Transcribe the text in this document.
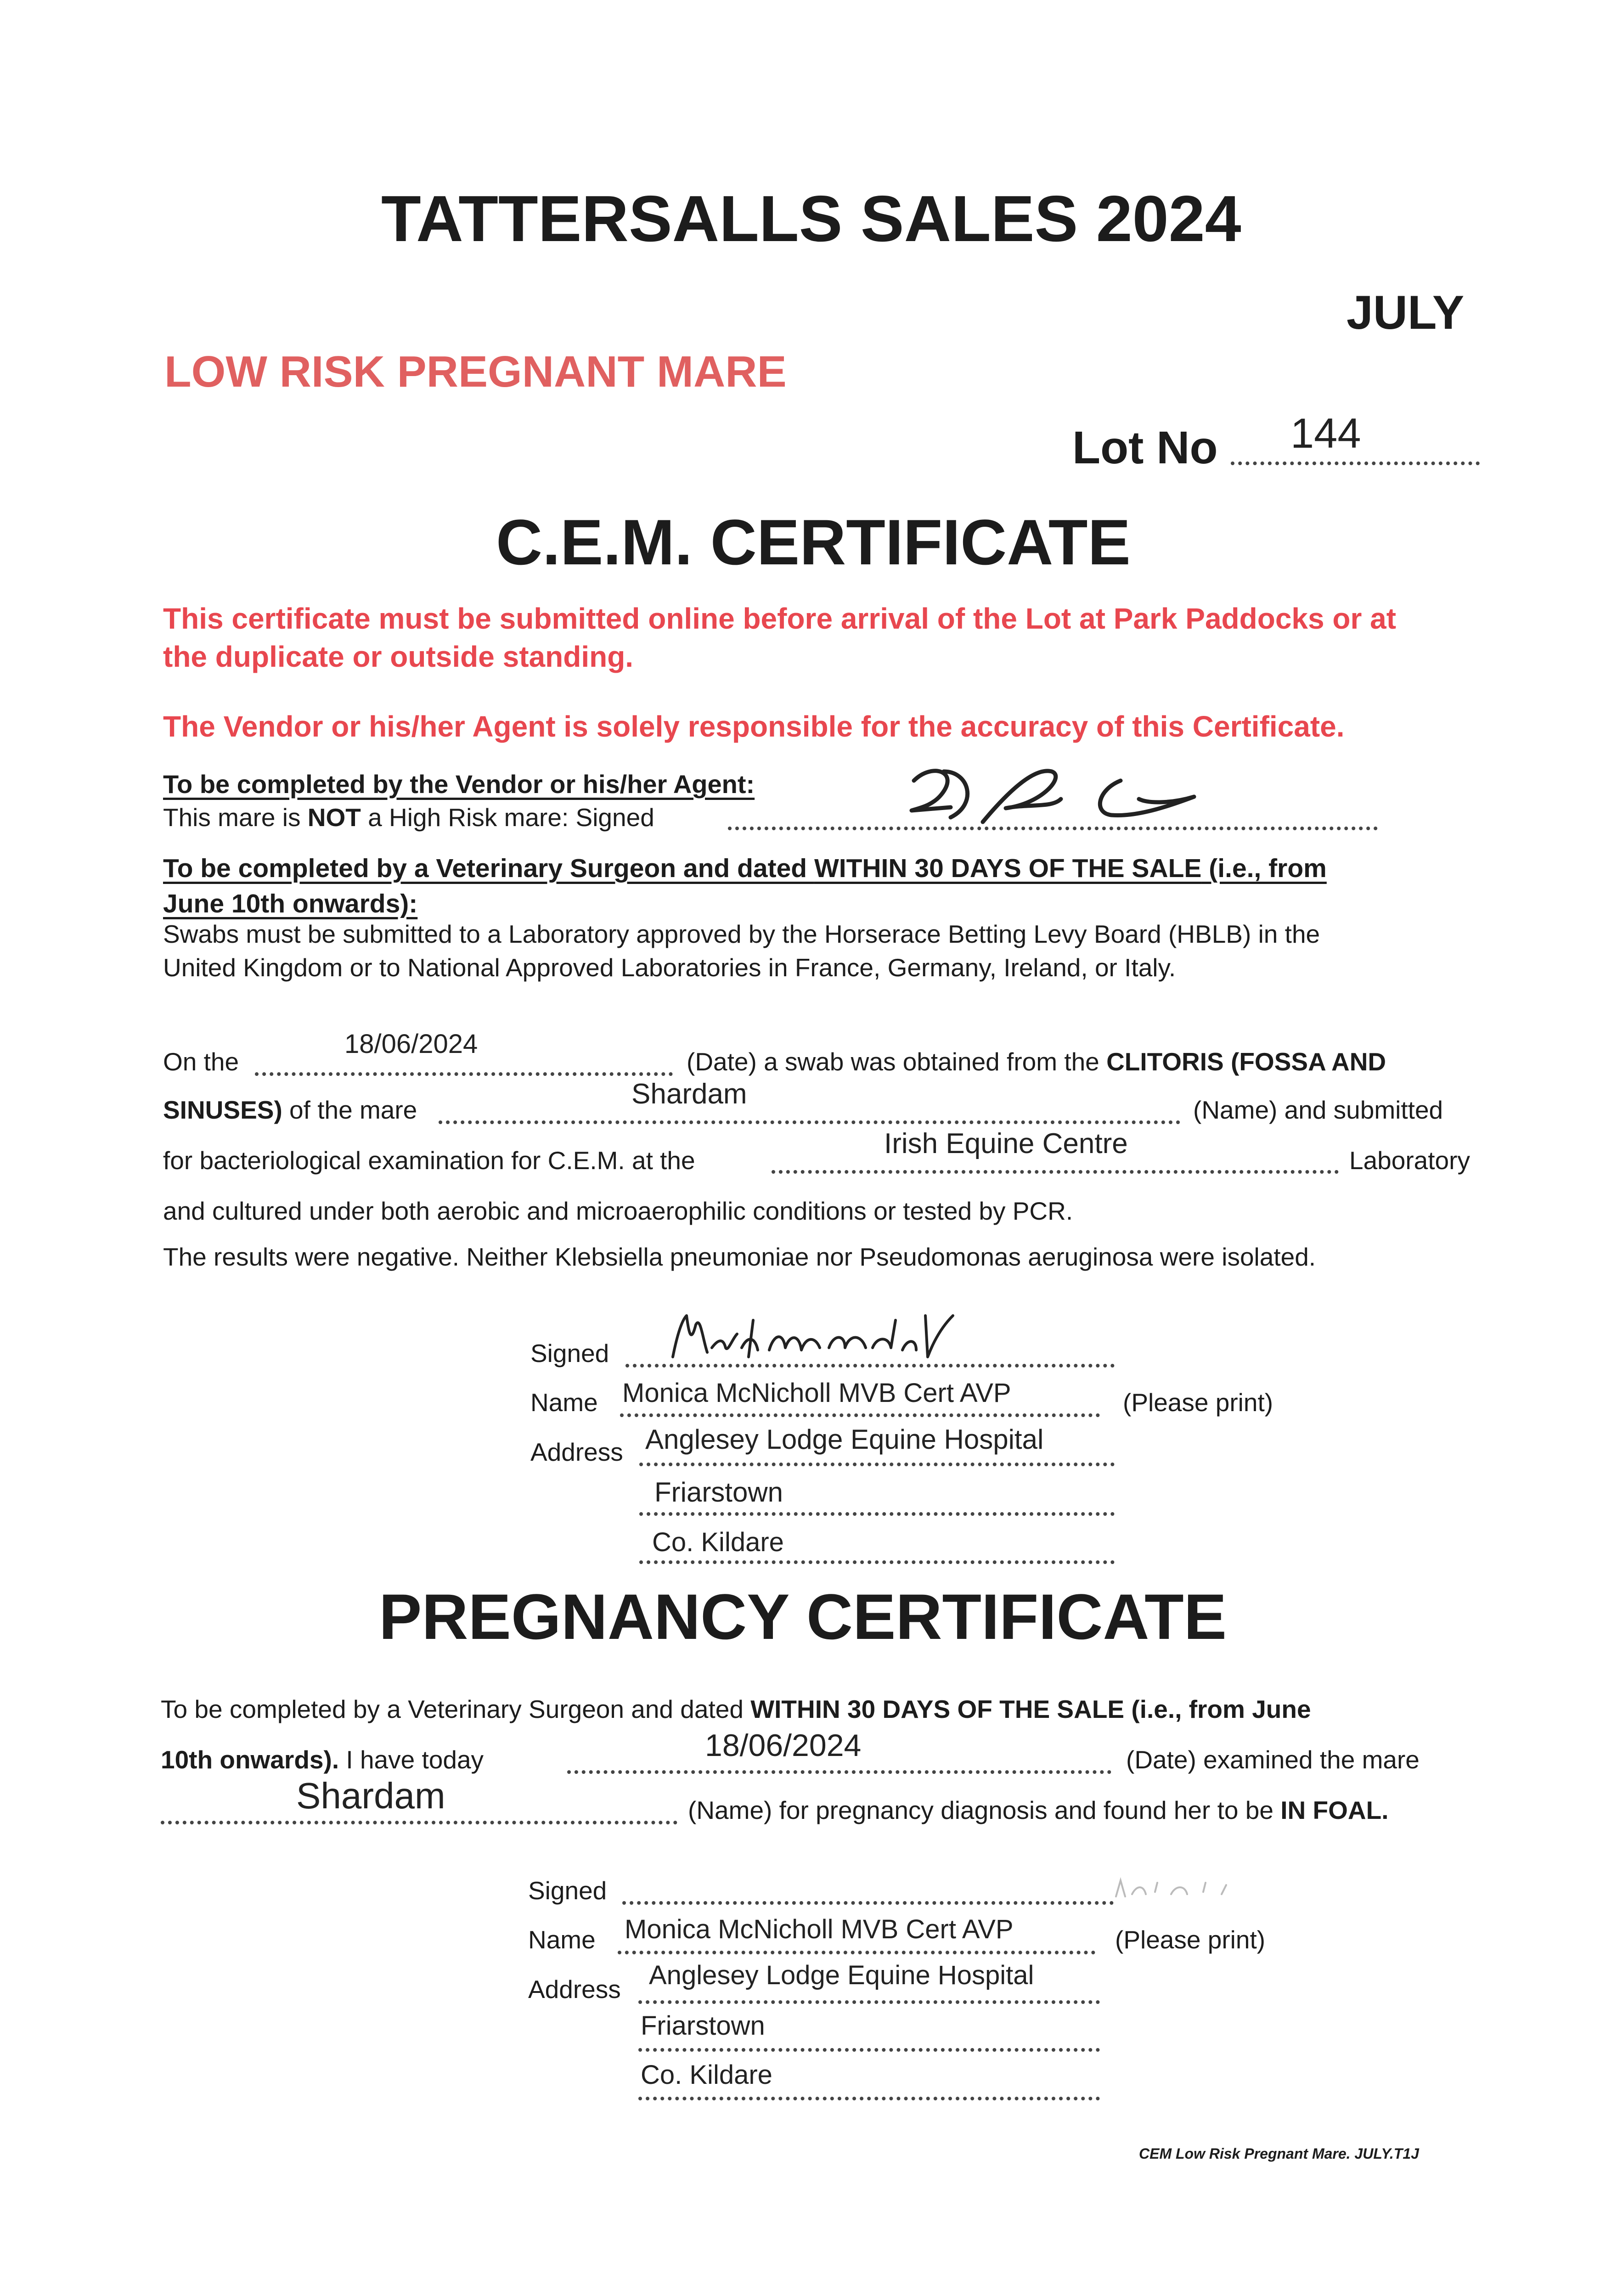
TATTERSALLS SALES 2024
JULY
LOW RISK PREGNANT MARE
Lot No 144
C.E.M. CERTIFICATE
This certificate must be submitted online before arrival of the Lot at Park Paddocks or at
the duplicate or outside standing.
The Vendor or his/her Agent is solely responsible for the accuracy of this Certificate.
To be completed by the Vendor or his/her Agent:
This mare is NOT a High Risk mare: Signed
To be completed by a Veterinary Surgeon and dated WITHIN 30 DAYS OF THE SALE (i.e., from
June 10th onwards):
Swabs must be submitted to a Laboratory approved by the Horserace Betting Levy Board (HBLB) in the
United Kingdom or to National Approved Laboratories in France, Germany, Ireland, or Italy.
On the
18/06/2024
(Date) a swab was obtained from the CLITORIS (FOSSA AND
SINUSES) of the mare	Shardam	(Name) and submitted
for bacteriological examination for C.E.M. at the
Irish Equine Centre
Laboratory
and cultured under both aerobic and microaerophilic conditions or tested by PCR.
The results were negative. Neither Klebsiella pneumoniae nor Pseudomonas aeruginosa were isolated.
Signed
Name Monica McNicholl MVB Cert AVP	(Please print)
Address Anglesey Lodge Equine Hospital
Friarstown
Co. Kildare
PREGNANCY CERTIFICATE
To be completed by a Veterinary Surgeon and dated WITHIN 30 DAYS OF THE SALE (i.e., from June
10th onwards). I have today	18/06/2024	(Date) examined the mare
Shardam	(Name) for pregnancy diagnosis and found her to be IN FOAL.
Signed
Name Monica McNicholl MVB Cert AVP	(Please print)
Address Anglesey Lodge Equine Hospital
Friarstown
Co. Kildare
CEM Low Risk Pregnant Mare. JULY.T1J
